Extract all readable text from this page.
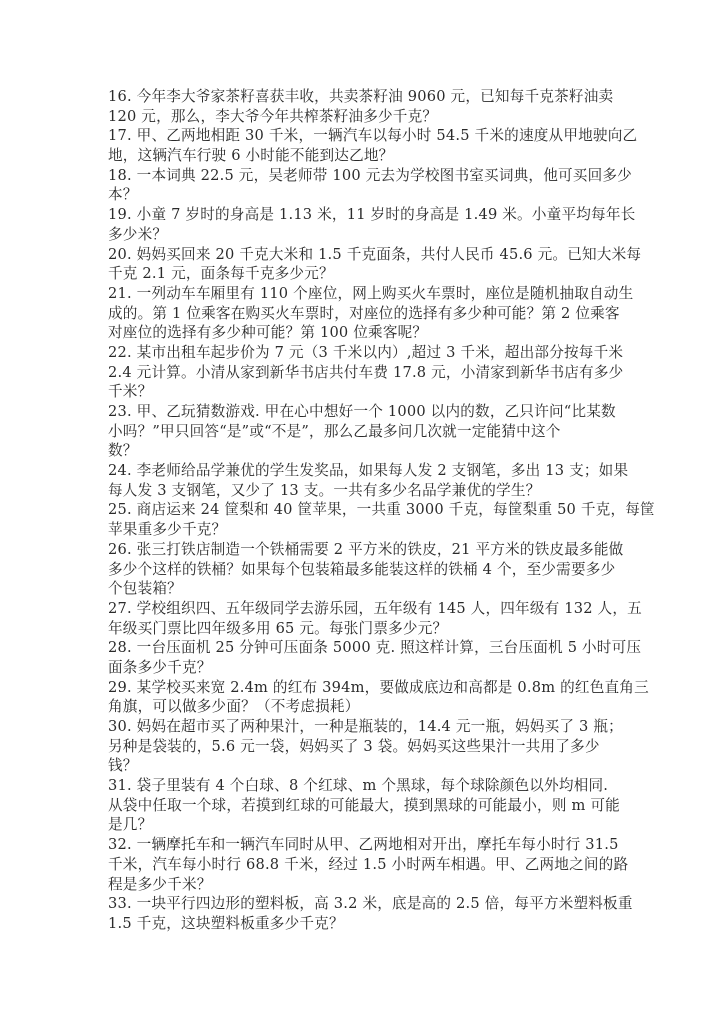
16. 今年李大爷家茶籽喜获丰收，共卖茶籽油 9060 元，已知每千克茶籽油卖
120 元，那么，李大爷今年共榨茶籽油多少千克？
17. 甲、乙两地相距 30 千米，一辆汽车以每小时 54.5 千米的速度从甲地驶向乙
地，这辆汽车行驶 6 小时能不能到达乙地？
18. 一本词典 22.5 元，吴老师带 100 元去为学校图书室买词典，他可买回多少
本？
19. 小童 7 岁时的身高是 1.13 米，11 岁时的身高是 1.49 米。小童平均每年长
多少米？
20. 妈妈买回来 20 千克大米和 1.5 千克面条，共付人民币 45.6 元。已知大米每
千克 2.1 元，面条每千克多少元？
21. 一列动车车厢里有 110 个座位，网上购买火车票时，座位是随机抽取自动生
成的。第 1 位乘客在购买火车票时，对座位的选择有多少种可能？第 2 位乘客
对座位的选择有多少种可能？第 100 位乘客呢？
22. 某市出租车起步价为 7 元（3 千米以内）,超过 3 千米，超出部分按每千米
2.4 元计算。小清从家到新华书店共付车费 17.8 元，小清家到新华书店有多少
千米？
23. 甲、乙玩猜数游戏. 甲在心中想好一个 1000 以内的数，乙只许问“比某数
小吗？”甲只回答“是”或“不是”，那么乙最多问几次就一定能猜中这个
数？
24. 李老师给品学兼优的学生发奖品，如果每人发 2 支钢笔，多出 13 支；如果
每人发 3 支钢笔，又少了 13 支。一共有多少名品学兼优的学生？
25. 商店运来 24 筐梨和 40 筐苹果，一共重 3000 千克，每筐梨重 50 千克，每筐
苹果重多少千克？
26. 张三打铁店制造一个铁桶需要 2 平方米的铁皮，21 平方米的铁皮最多能做
多少个这样的铁桶？如果每个包装箱最多能装这样的铁桶 4 个，至少需要多少
个包装箱？
27. 学校组织四、五年级同学去游乐园，五年级有 145 人，四年级有 132 人，五
年级买门票比四年级多用 65 元。每张门票多少元？
28. 一台压面机 25 分钟可压面条 5000 克. 照这样计算，三台压面机 5 小时可压
面条多少千克？
29. 某学校买来宽 2.4m 的红布 394m，要做成底边和高都是 0.8m 的红色直角三
角旗，可以做多少面？（不考虑损耗）
30. 妈妈在超市买了两种果汁，一种是瓶装的，14.4 元一瓶，妈妈买了 3 瓶；
另种是袋装的，5.6 元一袋，妈妈买了 3 袋。妈妈买这些果汁一共用了多少
钱？
31. 袋子里装有 4 个白球、8 个红球、m 个黑球，每个球除颜色以外均相同.
从袋中任取一个球，若摸到红球的可能最大，摸到黑球的可能最小，则 m 可能
是几？
32. 一辆摩托车和一辆汽车同时从甲、乙两地相对开出，摩托车每小时行 31.5
千米，汽车每小时行 68.8 千米，经过 1.5 小时两车相遇。甲、乙两地之间的路
程是多少千米？
33. 一块平行四边形的塑料板，高 3.2 米，底是高的 2.5 倍，每平方米塑料板重
1.5 千克，这块塑料板重多少千克？
